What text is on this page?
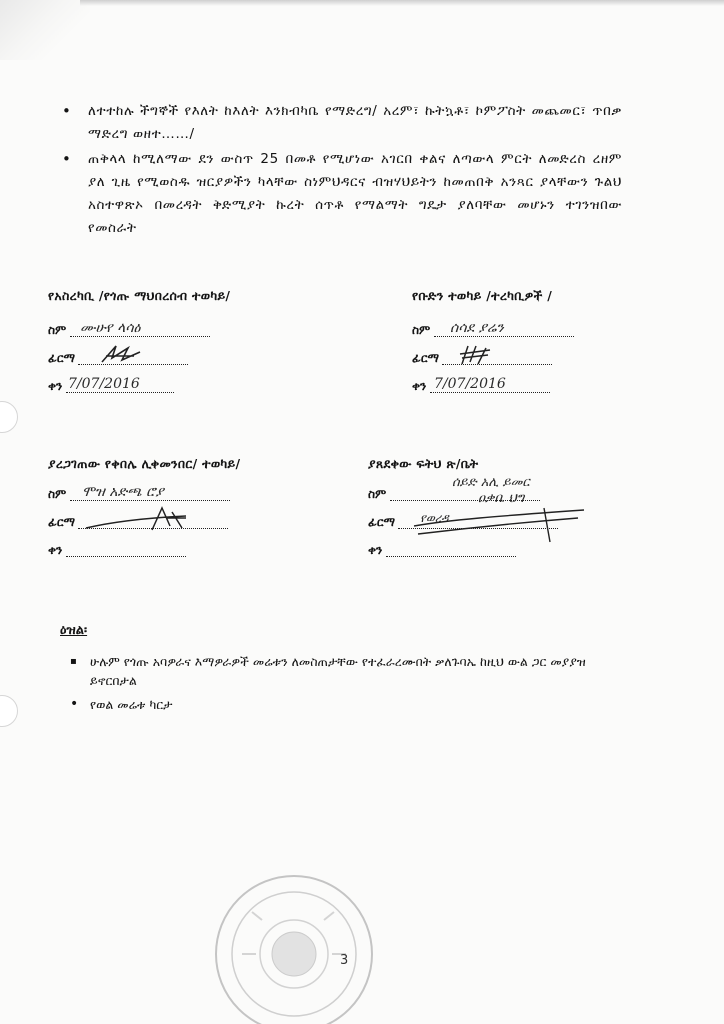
• ለተተከሉ ችግኞች የእለት ከእለት እንክብካቤ የማድረግ/ አረም፣ ኩትኳቶ፣ ኮምፖስት መጨመር፣ ጥበቃ ማድረግ ወዘተ……/
• ጠቅላላ ከሚለማው ደን ውስጥ 25 በመቶ የሚሆነው አገርበ ቀልና ለጣውላ ምርት ለመድረስ ረዘም ያለ ጊዜ የሚወስዱ ዝርያዎችን ካላቸው ስነምህዳርና ብዝሃህይትን ከመጠበቅ አንጻር ያላቸውን ጉልህ አስተዋጽኦ በመረዳት ቅድሚያት ኩረት ሰጥቶ የማልማት ግዴታ ያለባቸው መሆኑን ተገንዝበው የመስራት
የአስረካቢ /የጎጡ ማህበረሰብ ተወካይ/
ስም ሙሁየ ላሳዕ
ፊርማ
ቀን 7/07/2016
የቡድን ተወካይ /ተረካቢዎች /
ስም ሰሳደ ያሬን
ፊርማ
ቀን 7/07/2016
ያረጋገጠው የቀበሌ ሊቀመንበር/ ተወካይ/
ስም ሞዝ አድጫ ሮያ
ፊርማ
ቀን
ያጸደቀው ፍትህ ጽ/ቤት
ስም
ሰይድ አሊ ይመር
ዐቃቤ ህግ
ፊርማ የወረዳ
ቀን
ዕዝል፡
▪ ሁሉም የጎጡ አባዎራና እማዎራዎች መሬቱን ለመስጠታቸው የተፈራረሙበት ቃለጉባኤ ከዚህ ውል ጋር መያያዝ ይኖርበታል
• የወል መሬቱ ካርታ
3
